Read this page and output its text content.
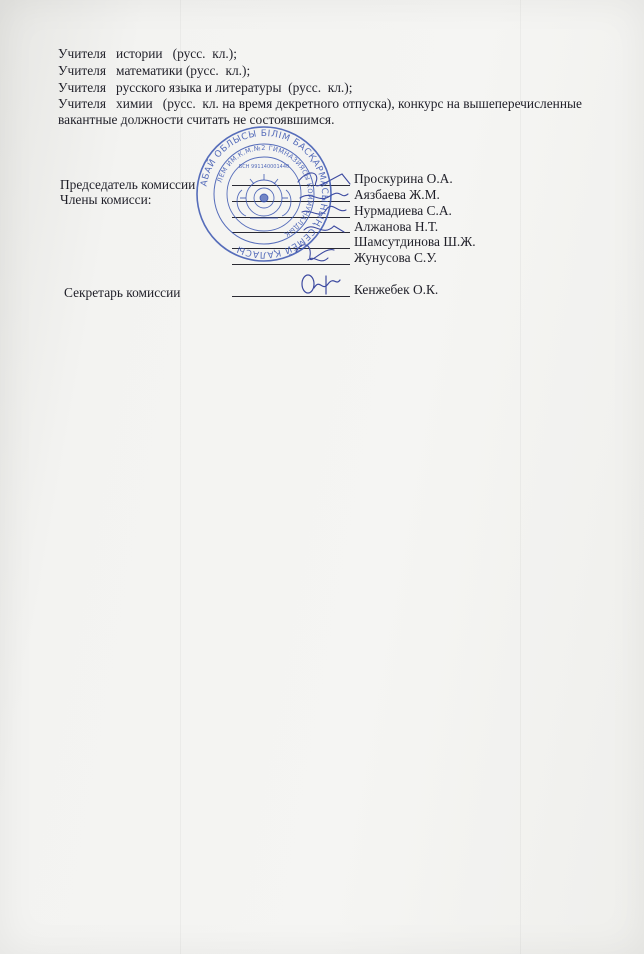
Учителя   истории   (русс.  кл.);
Учителя   математики (русс.  кл.);
Учителя   русского языка и литературы  (русс.  кл.);
Учителя   химии   (русс.  кл. на время декретного отпуска), конкурс на вышеперечисленные
вакантные должности считать не состоявшимся.
Председатель комиссии
Члены комисси:
Секретарь комиссии
Проскурина О.А.
Аязбаева Ж.М.
Нурмадиева С.А.
Алжанова Н.Т.
Шамсутдинова Ш.Ж.
Жунусова С.У.
Кенжебек О.К.
АБАЙ ОБЛЫСЫ БІЛІМ БАСҚАРМАСЫНЫҢ СЕМЕЙ ҚАЛАСЫ
ЛЕМ ИМ.К.М.№2 ГИМНАЗИЯСЫ КОММУНАЛДЫҚ
БСН 991140001440
